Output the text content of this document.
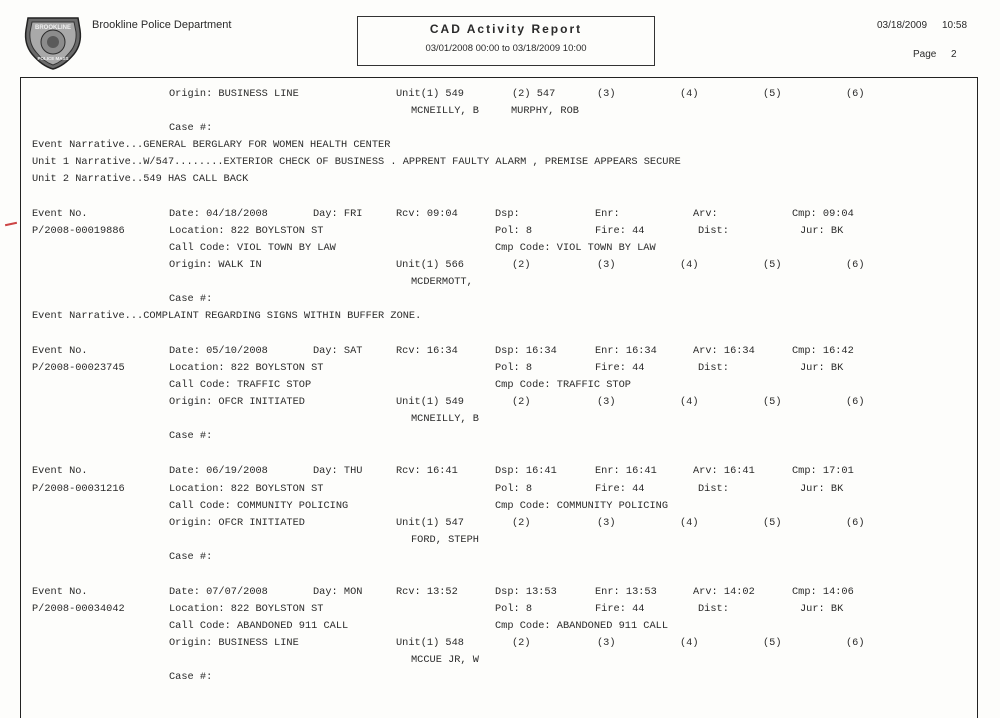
BROOKLINE
POLICE MASS
Brookline Police Department	CAD Activity Report
03/01/2008 00:00 to 03/18/2009 10:00
03/18/2009 10:58
Page 2
Origin: BUSINESS LINE	Unit(1) 549	(2) 547	(3)	(4)	(5)	(6)
MCNEILLY, B	MURPHY, ROB
Case #:
Event Narrative...GENERAL BERGLARY FOR WOMEN HEALTH CENTER
Unit 1 Narrative..W/547........EXTERIOR CHECK OF BUSINESS . APPRENT FAULTY ALARM , PREMISE APPEARS SECURE
Unit 2 Narrative..549 HAS CALL BACK
Event No.	Date: 04/18/2008	Day: FRI	Rcv: 09:04	Dsp:	Enr:	Arv:	Cmp: 09:04
P/2008-00019886	Location: 822 BOYLSTON ST	Pol: 8	Fire: 44	Dist:	Jur: BK
Call Code: VIOL TOWN BY LAW	Cmp Code: VIOL TOWN BY LAW
Origin: WALK IN	Unit(1) 566	(2)	(3)	(4)	(5)	(6)
MCDERMOTT,
Case #:
Event Narrative...COMPLAINT REGARDING SIGNS WITHIN BUFFER ZONE.
Event No.	Date: 05/10/2008	Day: SAT	Rcv: 16:34	Dsp: 16:34	Enr: 16:34	Arv: 16:34	Cmp: 16:42
P/2008-00023745	Location: 822 BOYLSTON ST	Pol: 8	Fire: 44	Dist:	Jur: BK
Call Code: TRAFFIC STOP	Cmp Code: TRAFFIC STOP
Origin: OFCR INITIATED	Unit(1) 549	(2)	(3)	(4)	(5)	(6)
MCNEILLY, B
Case #:
Event No.	Date: 06/19/2008	Day: THU	Rcv: 16:41	Dsp: 16:41	Enr: 16:41	Arv: 16:41	Cmp: 17:01
P/2008-00031216	Location: 822 BOYLSTON ST	Pol: 8	Fire: 44	Dist:	Jur: BK
Call Code: COMMUNITY POLICING	Cmp Code: COMMUNITY POLICING
Origin: OFCR INITIATED	Unit(1) 547	(2)	(3)	(4)	(5)	(6)
FORD, STEPH
Case #:
Event No.	Date: 07/07/2008	Day: MON	Rcv: 13:52	Dsp: 13:53	Enr: 13:53	Arv: 14:02	Cmp: 14:06
P/2008-00034042	Location: 822 BOYLSTON ST	Pol: 8	Fire: 44	Dist:	Jur: BK
Call Code: ABANDONED 911 CALL	Cmp Code: ABANDONED 911 CALL
Origin: BUSINESS LINE	Unit(1) 548	(2)	(3)	(4)	(5)	(6)
MCCUE JR, W
Case #:
